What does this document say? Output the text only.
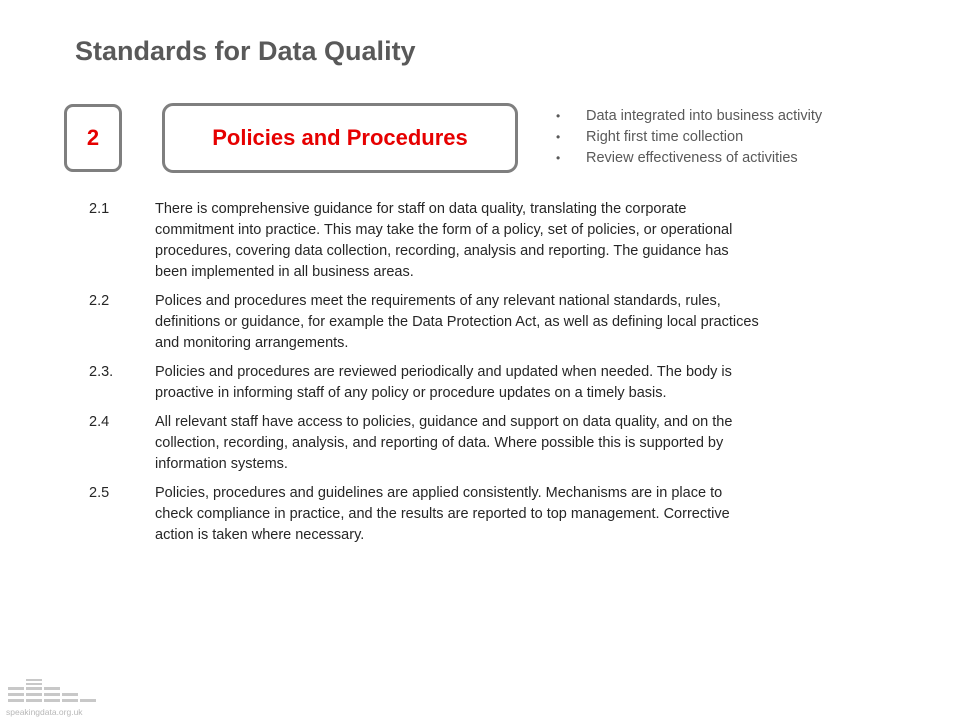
Standards for Data Quality
2	Policies and Procedures
• Data integrated into business activity
• Right first time collection
• Review effectiveness of activities
2.1	There is comprehensive guidance for staff on data quality, translating the corporate commitment into practice. This may take the form of a policy, set of policies, or operational procedures, covering data collection, recording, analysis and reporting. The guidance has been implemented in all business areas.
2.2	Polices and procedures meet the requirements of any relevant national standards, rules, definitions or guidance, for example the Data Protection Act, as well as defining local practices and monitoring arrangements.
2.3.	Policies and procedures are reviewed periodically and updated when needed. The body is proactive in informing staff of any policy or procedure updates on a timely basis.
2.4	All relevant staff have access to policies, guidance and support on data quality, and on the collection, recording, analysis, and reporting of data. Where possible this is supported by information systems.
2.5	Policies, procedures and guidelines are applied consistently. Mechanisms are in place to check compliance in practice, and the results are reported to top management. Corrective action is taken where necessary.
speakingdata.org.uk
